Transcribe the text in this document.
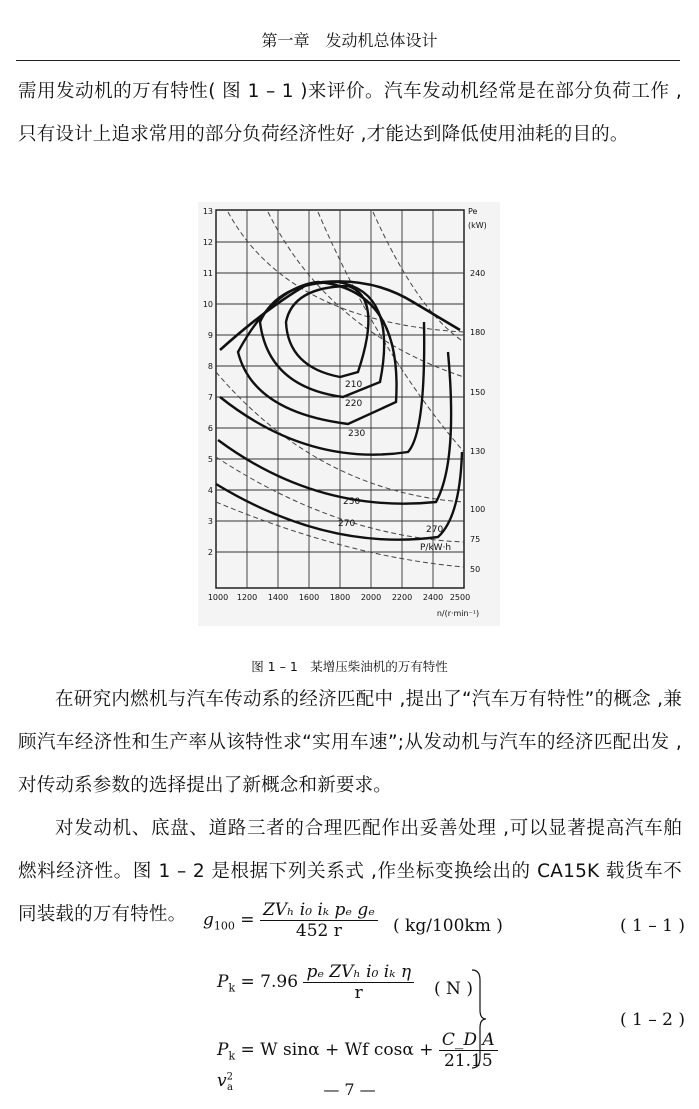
第一章　发动机总体设计

需用发动机的万有特性( 图 1 – 1 )来评价。汽车发动机经常是在部分负荷工作 ,只有设计上追求常用的部分负荷经济性好 ,才能达到降低使用油耗的目的。

210
220
230
250
270
270
P/kW·h
13
12
11
10
9
8
7
6
5
4
3
2
Pe
(kW)
240
180
150
130
100
75
50
1000 1200 1400 1600 1800 2000 2200 2400 2500
n/(r·min⁻¹)
图 1 – 1　某增压柴油机的万有特性

在研究内燃机与汽车传动系的经济匹配中 ,提出了“汽车万有特性”的概念 ,兼顾汽车经济性和生产率从该特性求“实用车速”;从发动机与汽车的经济匹配出发 ,对传动系参数的选择提出了新概念和新要求。

对发动机、底盘、道路三者的合理匹配作出妥善处理 ,可以显著提高汽车舶燃料经济性。图 1 – 2 是根据下列关系式 ,作坐标变换绘出的 CA15K 载货车不同装载的万有特性。 $g_{100} = \frac{\text{ZVₕ i₀ iₖ pₑ gₑ}}{452 r}$ ( kg/100km )	( 1 – 1 )
$P_k = 7.96 \frac{\text{pₑ ZVₕ i₀ iₖ η}}{r}$ ( N )
( 1 – 2 )
$P_k = W$ sinα + Wf $\cos\alpha + \frac{\text{C\_D A}}{21.15}$
$v^2_a$	— 7 —
